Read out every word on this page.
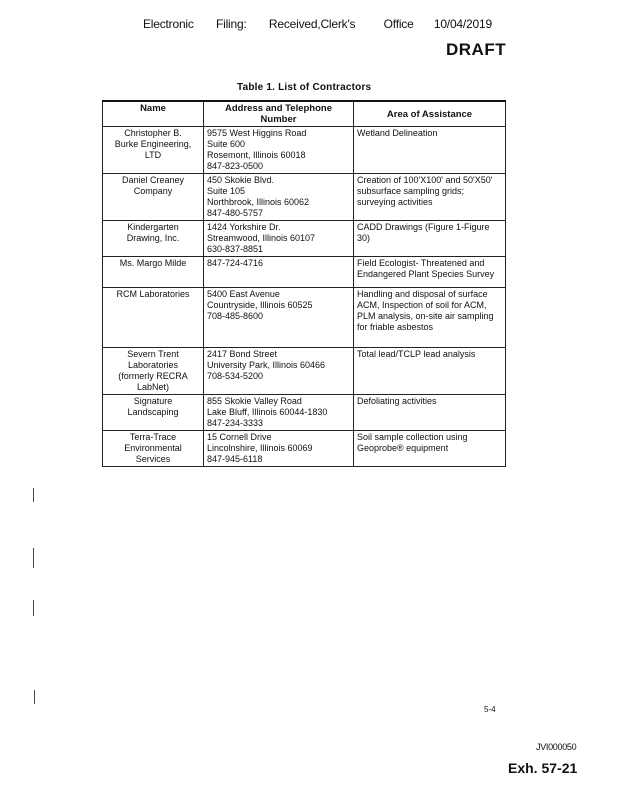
Electronic Filing: Received,Clerk's Office 10/04/2019
DRAFT
Table 1. List of Contractors
Name	Address and Telephone Number	Area of Assistance

Christopher B.
Burke Engineering,
LTD	9575 West Higgins Road
Suite 600
Rosemont, Illinois 60018
847-823-0500	Wetland Delineation

Daniel Creaney
Company	450 Skokie Blvd.
Suite 105
Northbrook, Illinois 60062
847-480-5757	Creation of 100'X100' and 50'X50' subsurface sampling grids; surveying activities

Kindergarten
Drawing, Inc.	1424 Yorkshire Dr.
Streamwood, Illinois 60107
630-837-8851	CADD Drawings (Figure 1-Figure 30)

Ms. Margo Milde	847-724-4716	Field Ecologist- Threatened and Endangered Plant Species Survey

RCM Laboratories	5400 East Avenue
Countryside, Illinois 60525
708-485-8600	Handling and disposal of surface ACM, Inspection of soil for ACM, PLM analysis, on-site air sampling for friable asbestos

Severn Trent
Laboratories
(formerly RECRA
LabNet)	2417 Bond Street
University Park, Illinois 60466
708-534-5200	Total lead/TCLP lead analysis

Signature
Landscaping	855 Skokie Valley Road
Lake Bluff, Illinois 60044-1830
847-234-3333	Defoliating activities

Terra-Trace
Environmental
Services	15 Cornell Drive
Lincolnshire, Illinois 60069
847-945-6118	Soil sample collection using Geoprobe® equipment
5-4
JVI000050
Exh. 57-21
